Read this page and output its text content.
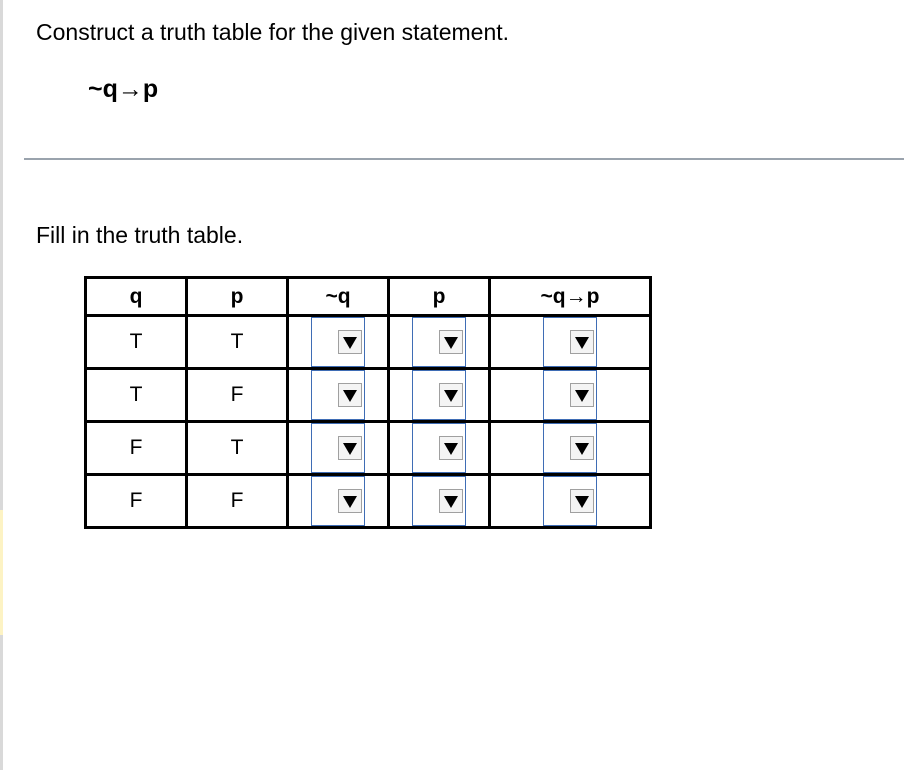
Construct a truth table for the given statement.
~q→p
Fill in the truth table.
q	p	~q	p	~q→p
T	T	

T	F	

F	T	

F	F	
